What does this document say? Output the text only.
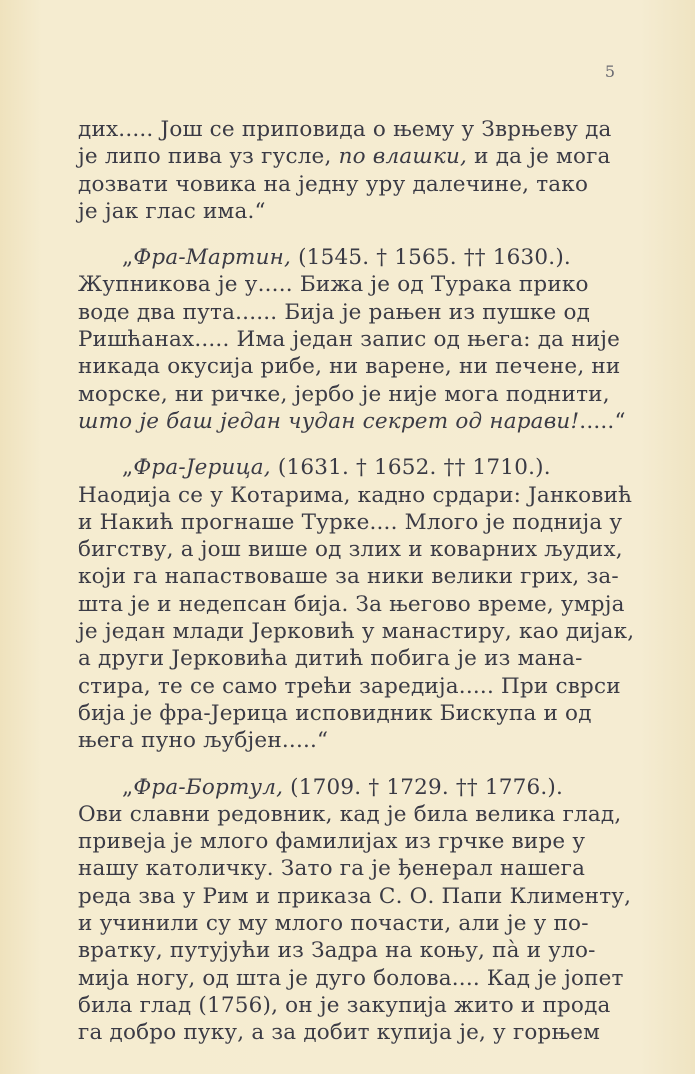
5
дих..... Још се приповида о њему у Зврњеву да
је липо пива уз гусле, по влашки, и да је мога
дозвати човика на једну уру далечине, тако
је јак глас има.“
„Фра-Мартин, (1545. † 1565. †† 1630.).
Жупникова је у..... Бижа је од Турака прико
воде два пута...... Бија је рањен из пушке од
Ришћанах..... Има један запис од њега: да није
никада окусија рибе, ни варене, ни печене, ни
морске, ни ричке, јербо је није мога поднити,
што је баш један чудан секрет од нарави!.....“
„Фра-Јерица, (1631. † 1652. †† 1710.).
Наодија се у Котарима, кадно срдари: Јанковић
и Накић прогнаше Турке.... Млого је поднија у
бигству, а још више од злих и коварних људих,
који га напаствоваше за ники велики грих, за-
шта је и недепсан бија. За његово време, умрја
је један млади Јерковић у манастиру, као дијак,
а други Јерковића дитић побига је из мана-
стира, те се само трећи заредија..... При сврси
бија је фра-Јерица исповидник Бискупа и од
њега пуно љубјен.....“
„Фра-Бортул, (1709. † 1729. †† 1776.).
Ови славни редовник, кад је била велика глад,
привеја је млого фамилијах из грчке вире у
нашу католичку. Зато га је ђенерал нашега
реда зва у Рим и приказа С. О. Папи Клименту,
и учинили су му млого почасти, али је у по-
вратку, путујући из Задра на коњу, па̀ и уло-
мија ногу, од шта је дуго болова.... Кад је јопет
била глад (1756), он је закупија жито и прода
га добро пуку, а за добит купија је, у горњем
